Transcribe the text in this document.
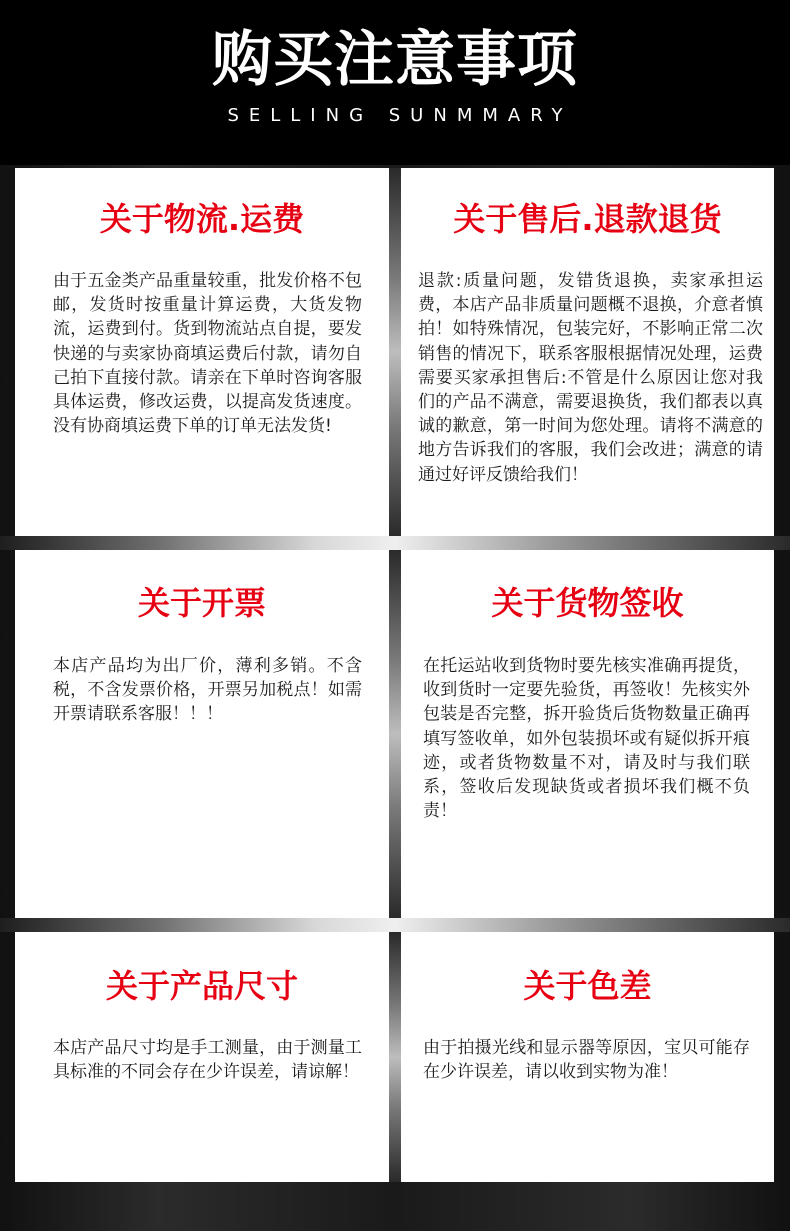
购买注意事项
SELLING SUNMMARY
关于物流.运费
由于五金类产品重量较重，批发价格不包邮，发货时按重量计算运费，大货发物流，运费到付。货到物流站点自提，要发快递的与卖家协商填运费后付款，请勿自己拍下直接付款。请亲在下单时咨询客服具体运费，修改运费，以提高发货速度。没有协商填运费下单的订单无法发货!
关于售后.退款退货
退款:质量问题，发错货退换，卖家承担运费，本店产品非质量问题概不退换，介意者慎拍！如特殊情况，包装完好，不影响正常二次销售的情况下，联系客服根据情况处理，运费需要买家承担售后:不管是什么原因让您对我们的产品不满意，需要退换货，我们都表以真诚的歉意，第一时间为您处理。请将不满意的地方告诉我们的客服，我们会改进；满意的请通过好评反馈给我们！
关于开票
本店产品均为出厂价，薄利多销。不含税，不含发票价格，开票另加税点！如需开票请联系客服！！！
关于货物签收
在托运站收到货物时要先核实准确再提货，收到货时一定要先验货，再签收！先核实外包装是否完整，拆开验货后货物数量正确再填写签收单，如外包装损坏或有疑似拆开痕迹，或者货物数量不对，请及时与我们联系，签收后发现缺货或者损坏我们概不负责！
关于产品尺寸
本店产品尺寸均是手工测量，由于测量工具标准的不同会存在少许误差，请谅解！
关于色差
由于拍摄光线和显示器等原因，宝贝可能存在少许误差，请以收到实物为准！
